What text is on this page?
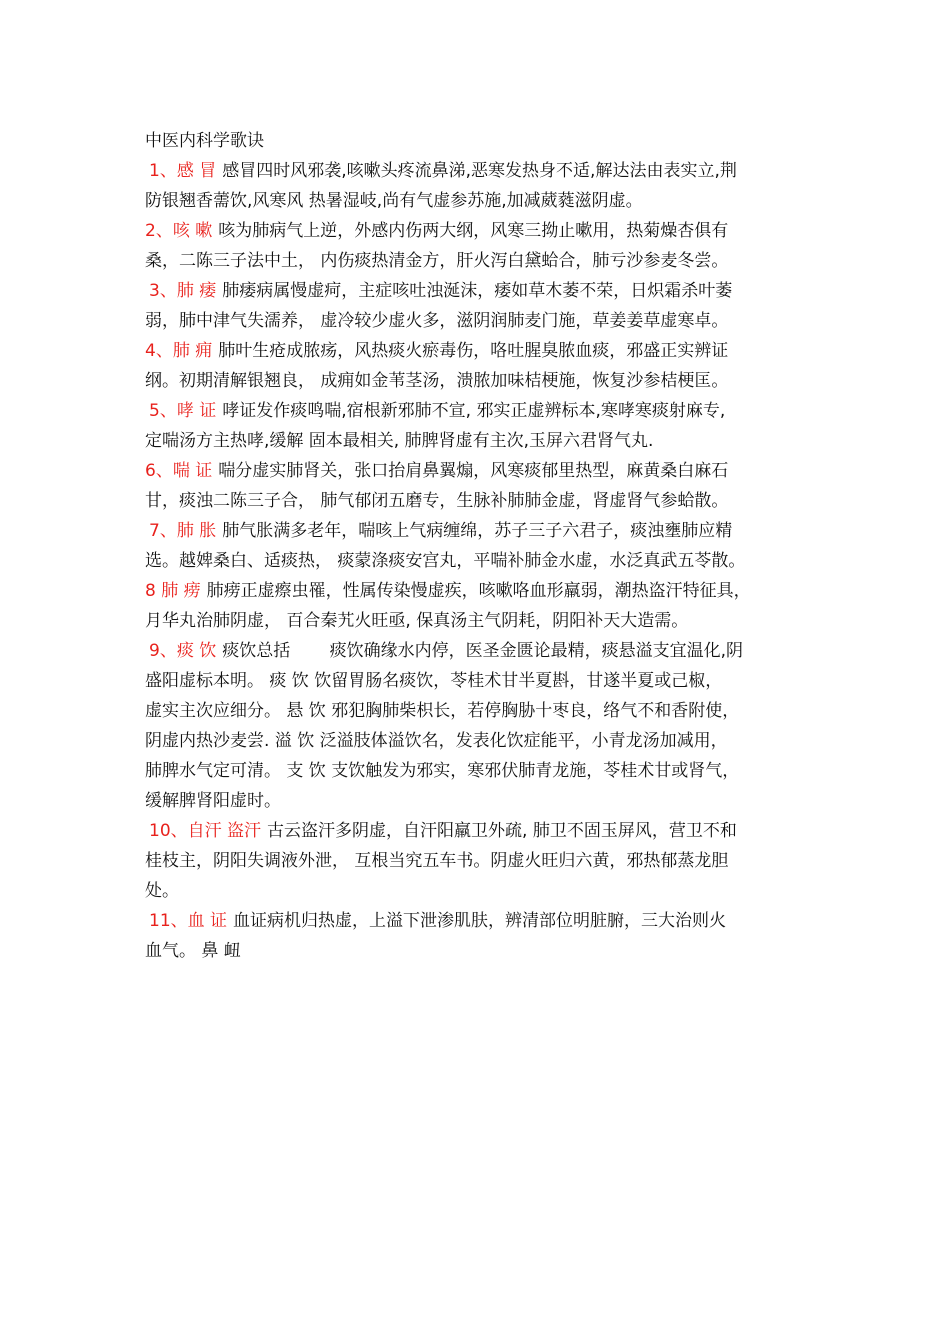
中医内科学歌诀

1、感 冒 感冒四时风邪袭,咳嗽头疼流鼻涕,恶寒发热身不适,解达法由表实立,荆

防银翘香薷饮,风寒风 热暑湿岐,尚有气虚参苏施,加减葳蕤滋阴虚。

2、咳 嗽 咳为肺病气上逆，外感内伤两大纲，风寒三拗止嗽用，热菊燥杏俱有

桑，二陈三子法中土， 内伤痰热清金方，肝火泻白黛蛤合，肺亏沙参麦冬尝。

3、肺 痿 肺痿病属慢虚疴，主症咳吐浊涎沫，痿如草木萎不荣，日炽霜杀叶萎

弱，肺中津气失濡养， 虚冷较少虚火多，滋阴润肺麦门施，草姜姜草虚寒卓。

4、肺 痈 肺叶生疮成脓疡，风热痰火瘀毒伤，咯吐腥臭脓血痰，邪盛正实辨证

纲。初期清解银翘良， 成痈如金苇茎汤，溃脓加味桔梗施，恢复沙参桔梗匡。

5、哮 证 哮证发作痰鸣喘,宿根新邪肺不宣, 邪实正虚辨标本,寒哮寒痰射麻专,

定喘汤方主热哮,缓解 固本最相关, 肺脾肾虚有主次,玉屏六君肾气丸.

6、喘 证 喘分虚实肺肾关，张口抬肩鼻翼煽，风寒痰郁里热型，麻黄桑白麻石

甘，痰浊二陈三子合， 肺气郁闭五磨专，生脉补肺肺金虚，肾虚肾气参蛤散。

7、肺 胀 肺气胀满多老年，喘咳上气病缠绵，苏子三子六君子，痰浊壅肺应精

选。越婢桑白、适痰热， 痰蒙涤痰安宫丸，平喘补肺金水虚，水泛真武五苓散。

8 肺 痨 肺痨正虚瘵虫罹，性属传染慢虚疾，咳嗽咯血形羸弱，潮热盗汗特征具，

月华丸治肺阴虚， 百合秦艽火旺亟, 保真汤主气阴耗，阴阳补天大造需。

9、痰 饮 痰饮总括 　　痰饮确缘水内停，医圣金匮论最精，痰悬溢支宜温化,阴

盛阳虚标本明。 痰 饮 饮留胃肠名痰饮，苓桂术甘半夏斟，甘遂半夏或己椒，

虚实主次应细分。 悬 饮 邪犯胸肺柴枳长，若停胸胁十枣良，络气不和香附使，

阴虚内热沙麦尝. 溢 饮 泛溢肢体溢饮名，发表化饮症能平，小青龙汤加减用，

肺脾水气定可清。 支 饮 支饮触发为邪实，寒邪伏肺青龙施，苓桂术甘或肾气，

缓解脾肾阳虚时。

10、自汗 盗汗 古云盗汗多阴虚，自汗阳羸卫外疏, 肺卫不固玉屏风，营卫不和

桂枝主，阴阳失调液外泄， 互根当究五车书。阴虚火旺归六黄，邪热郁蒸龙胆

处。

11、血 证 血证病机归热虚，上溢下泄渗肌肤，辨清部位明脏腑，三大治则火

血气。 鼻 衄
